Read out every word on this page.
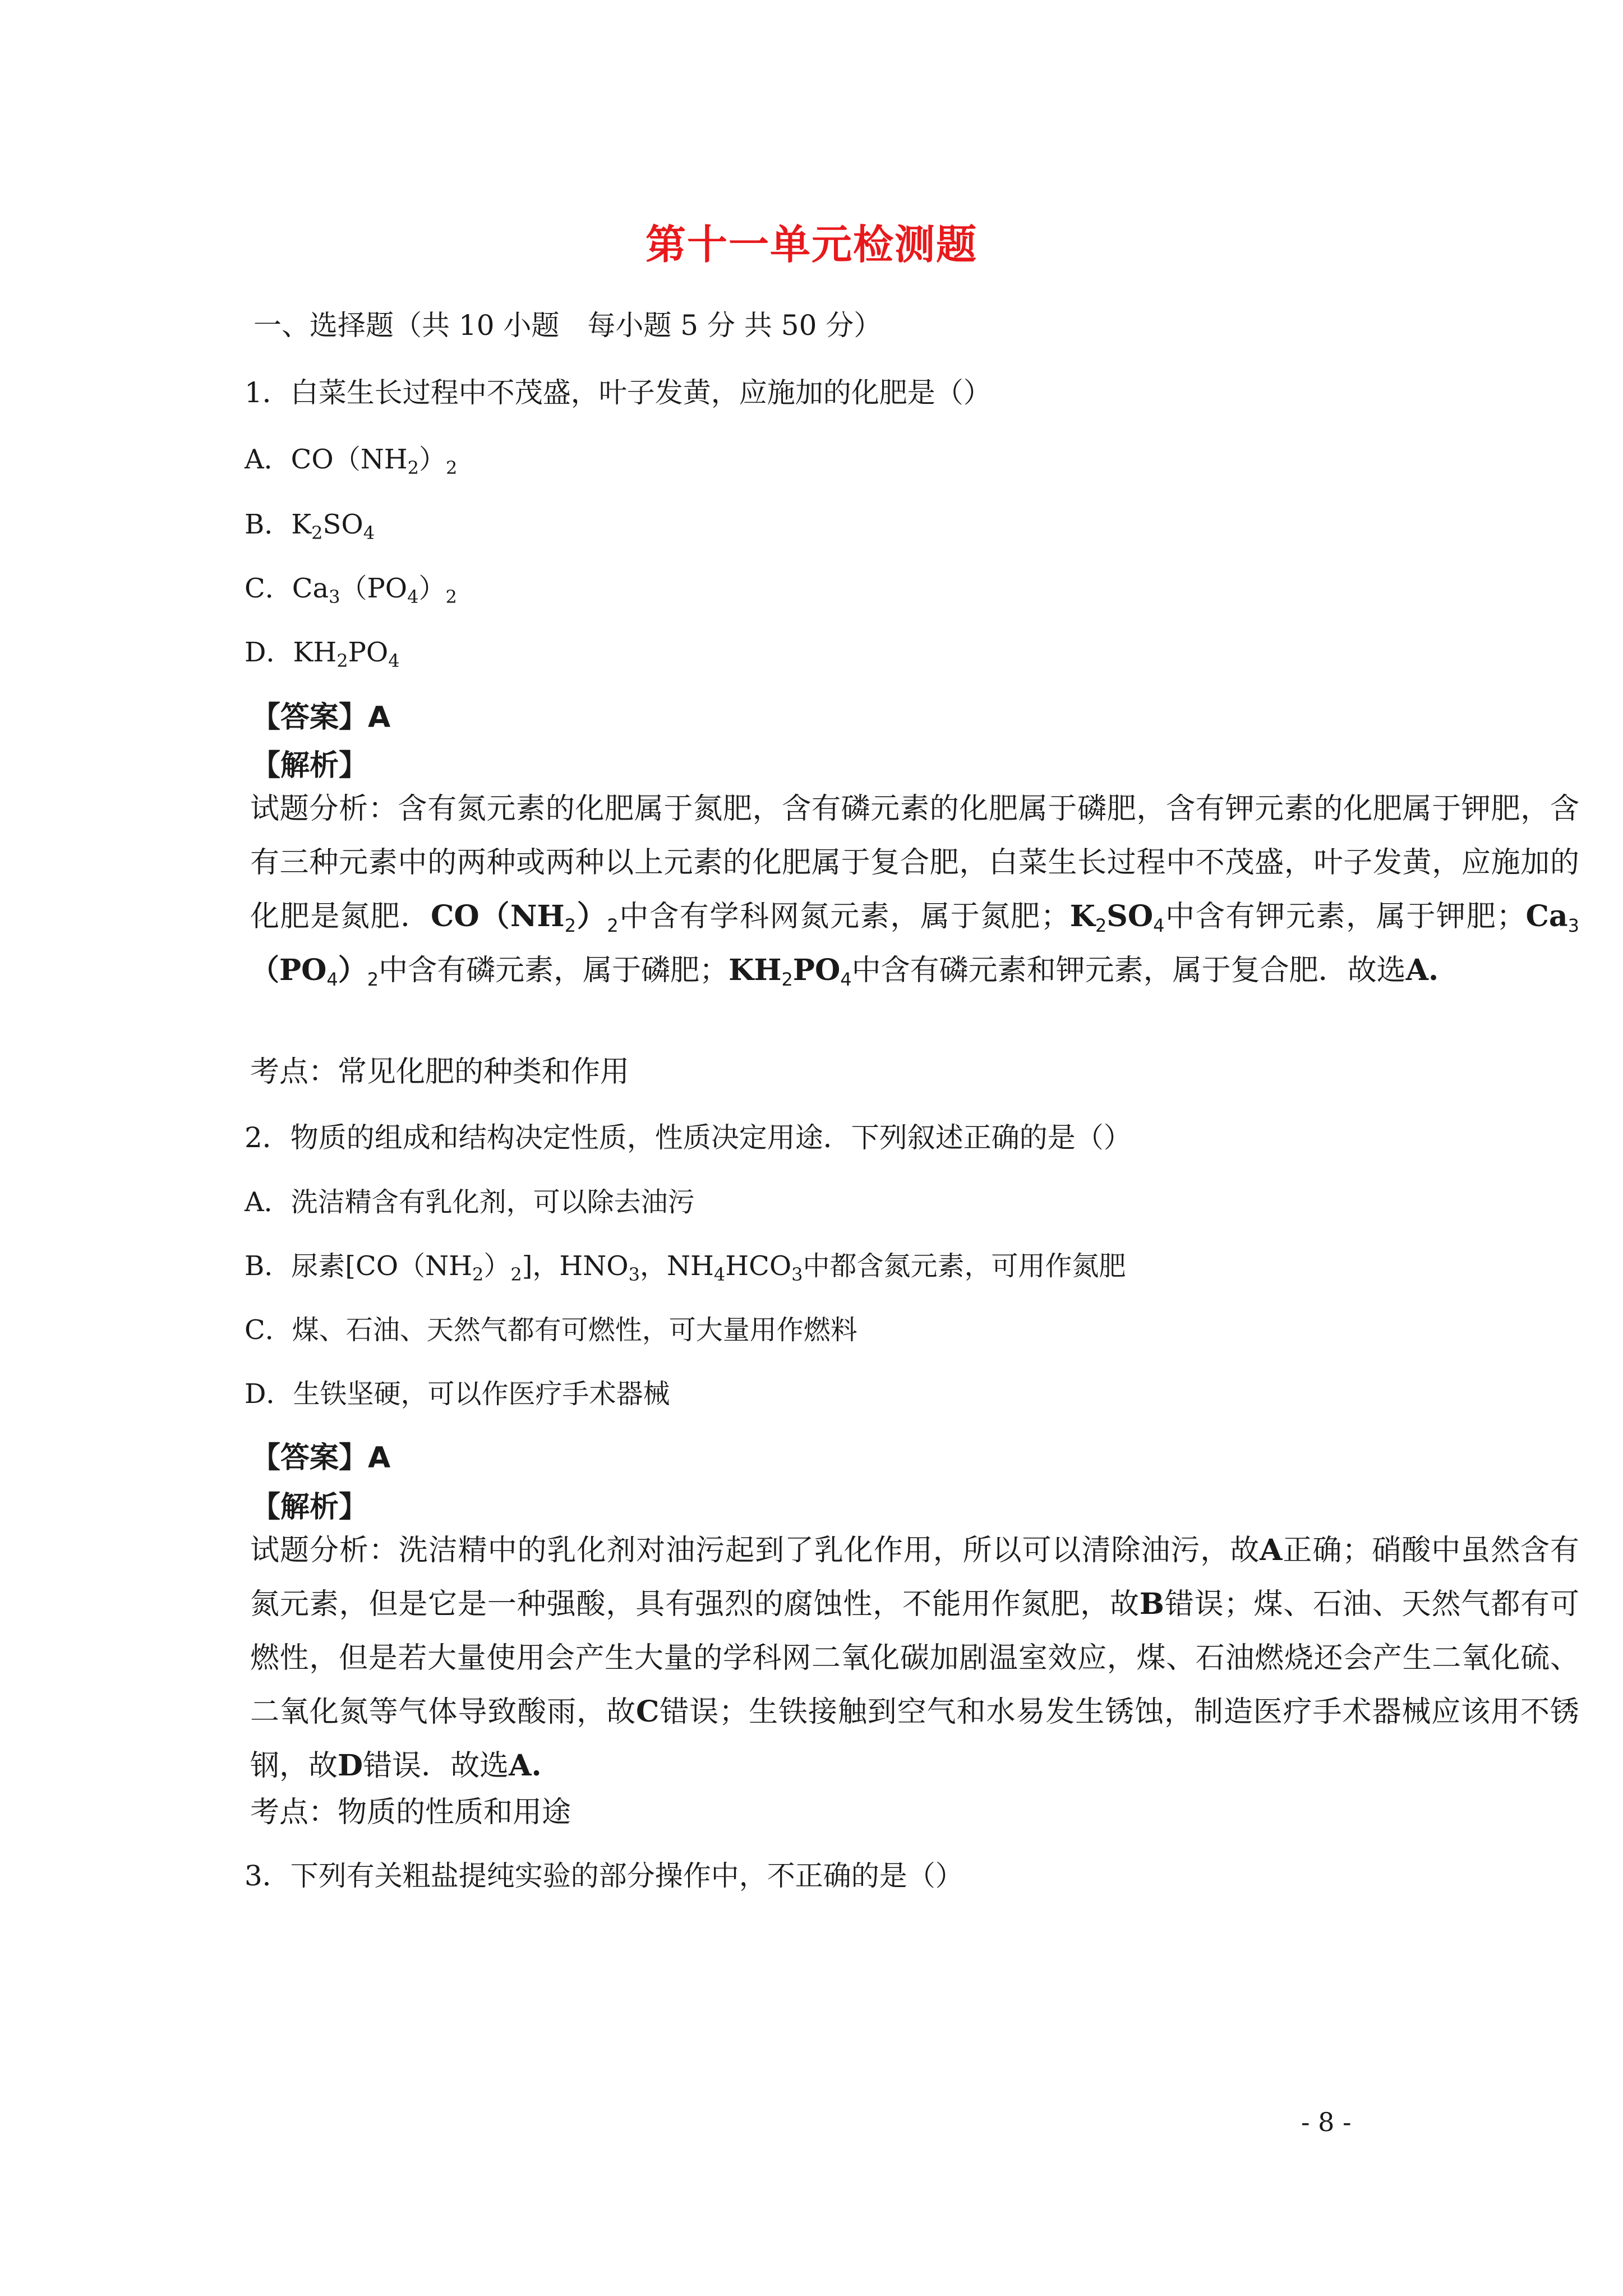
第十一单元检测题
一、选择题（共 10 小题　每小题 5 分 共 50 分）
1．白菜生长过程中不茂盛，叶子发黄，应施加的化肥是（）
A．$CO(NH_2)_2$
B．$K_2SO_4$
C．$Ca_3(PO_4)_2$
D．$KH_2PO_4$
【答案】A
【解析】
试题分析：含有氮元素的化肥属于氮肥，含有磷元素的化肥属于磷肥，含有钾元素的化肥属于钾肥，含有三种元素中的两种或两种以上元素的化肥属于复合肥，白菜生长过程中不茂盛，叶子发黄，应施加的化肥是氮肥．$CO(NH_2)_2$中含有学科网氮元素，属于氮肥；$K_2SO_4$中含有钾元素，属于钾肥；$Ca_3(PO_4)_2$中含有磷元素，属于磷肥；$KH_2PO_4$中含有磷元素和钾元素，属于复合肥．故选A.
考点：常见化肥的种类和作用
2．物质的组成和结构决定性质，性质决定用途．下列叙述正确的是（）
A．洗洁精含有乳化剂，可以除去油污
B．尿素$[CO(NH_2)_2]$，$HNO_3$，$NH_4HCO_3$中都含氮元素，可用作氮肥
C．煤、石油、天然气都有可燃性，可大量用作燃料
D．生铁坚硬，可以作医疗手术器械
【答案】A
【解析】
试题分析：洗洁精中的乳化剂对油污起到了乳化作用，所以可以清除油污，故A正确；硝酸中虽然含有氮元素，但是它是一种强酸，具有强烈的腐蚀性，不能用作氮肥，故B错误；煤、石油、天然气都有可燃性，但是若大量使用会产生大量的学科网二氧化碳加剧温室效应，煤、石油燃烧还会产生二氧化硫、二氧化氮等气体导致酸雨，故C错误；生铁接触到空气和水易发生锈蚀，制造医疗手术器械应该用不锈钢，故D错误．故选A.
考点：物质的性质和用途
3．下列有关粗盐提纯实验的部分操作中，不正确的是（）
- 8 -
